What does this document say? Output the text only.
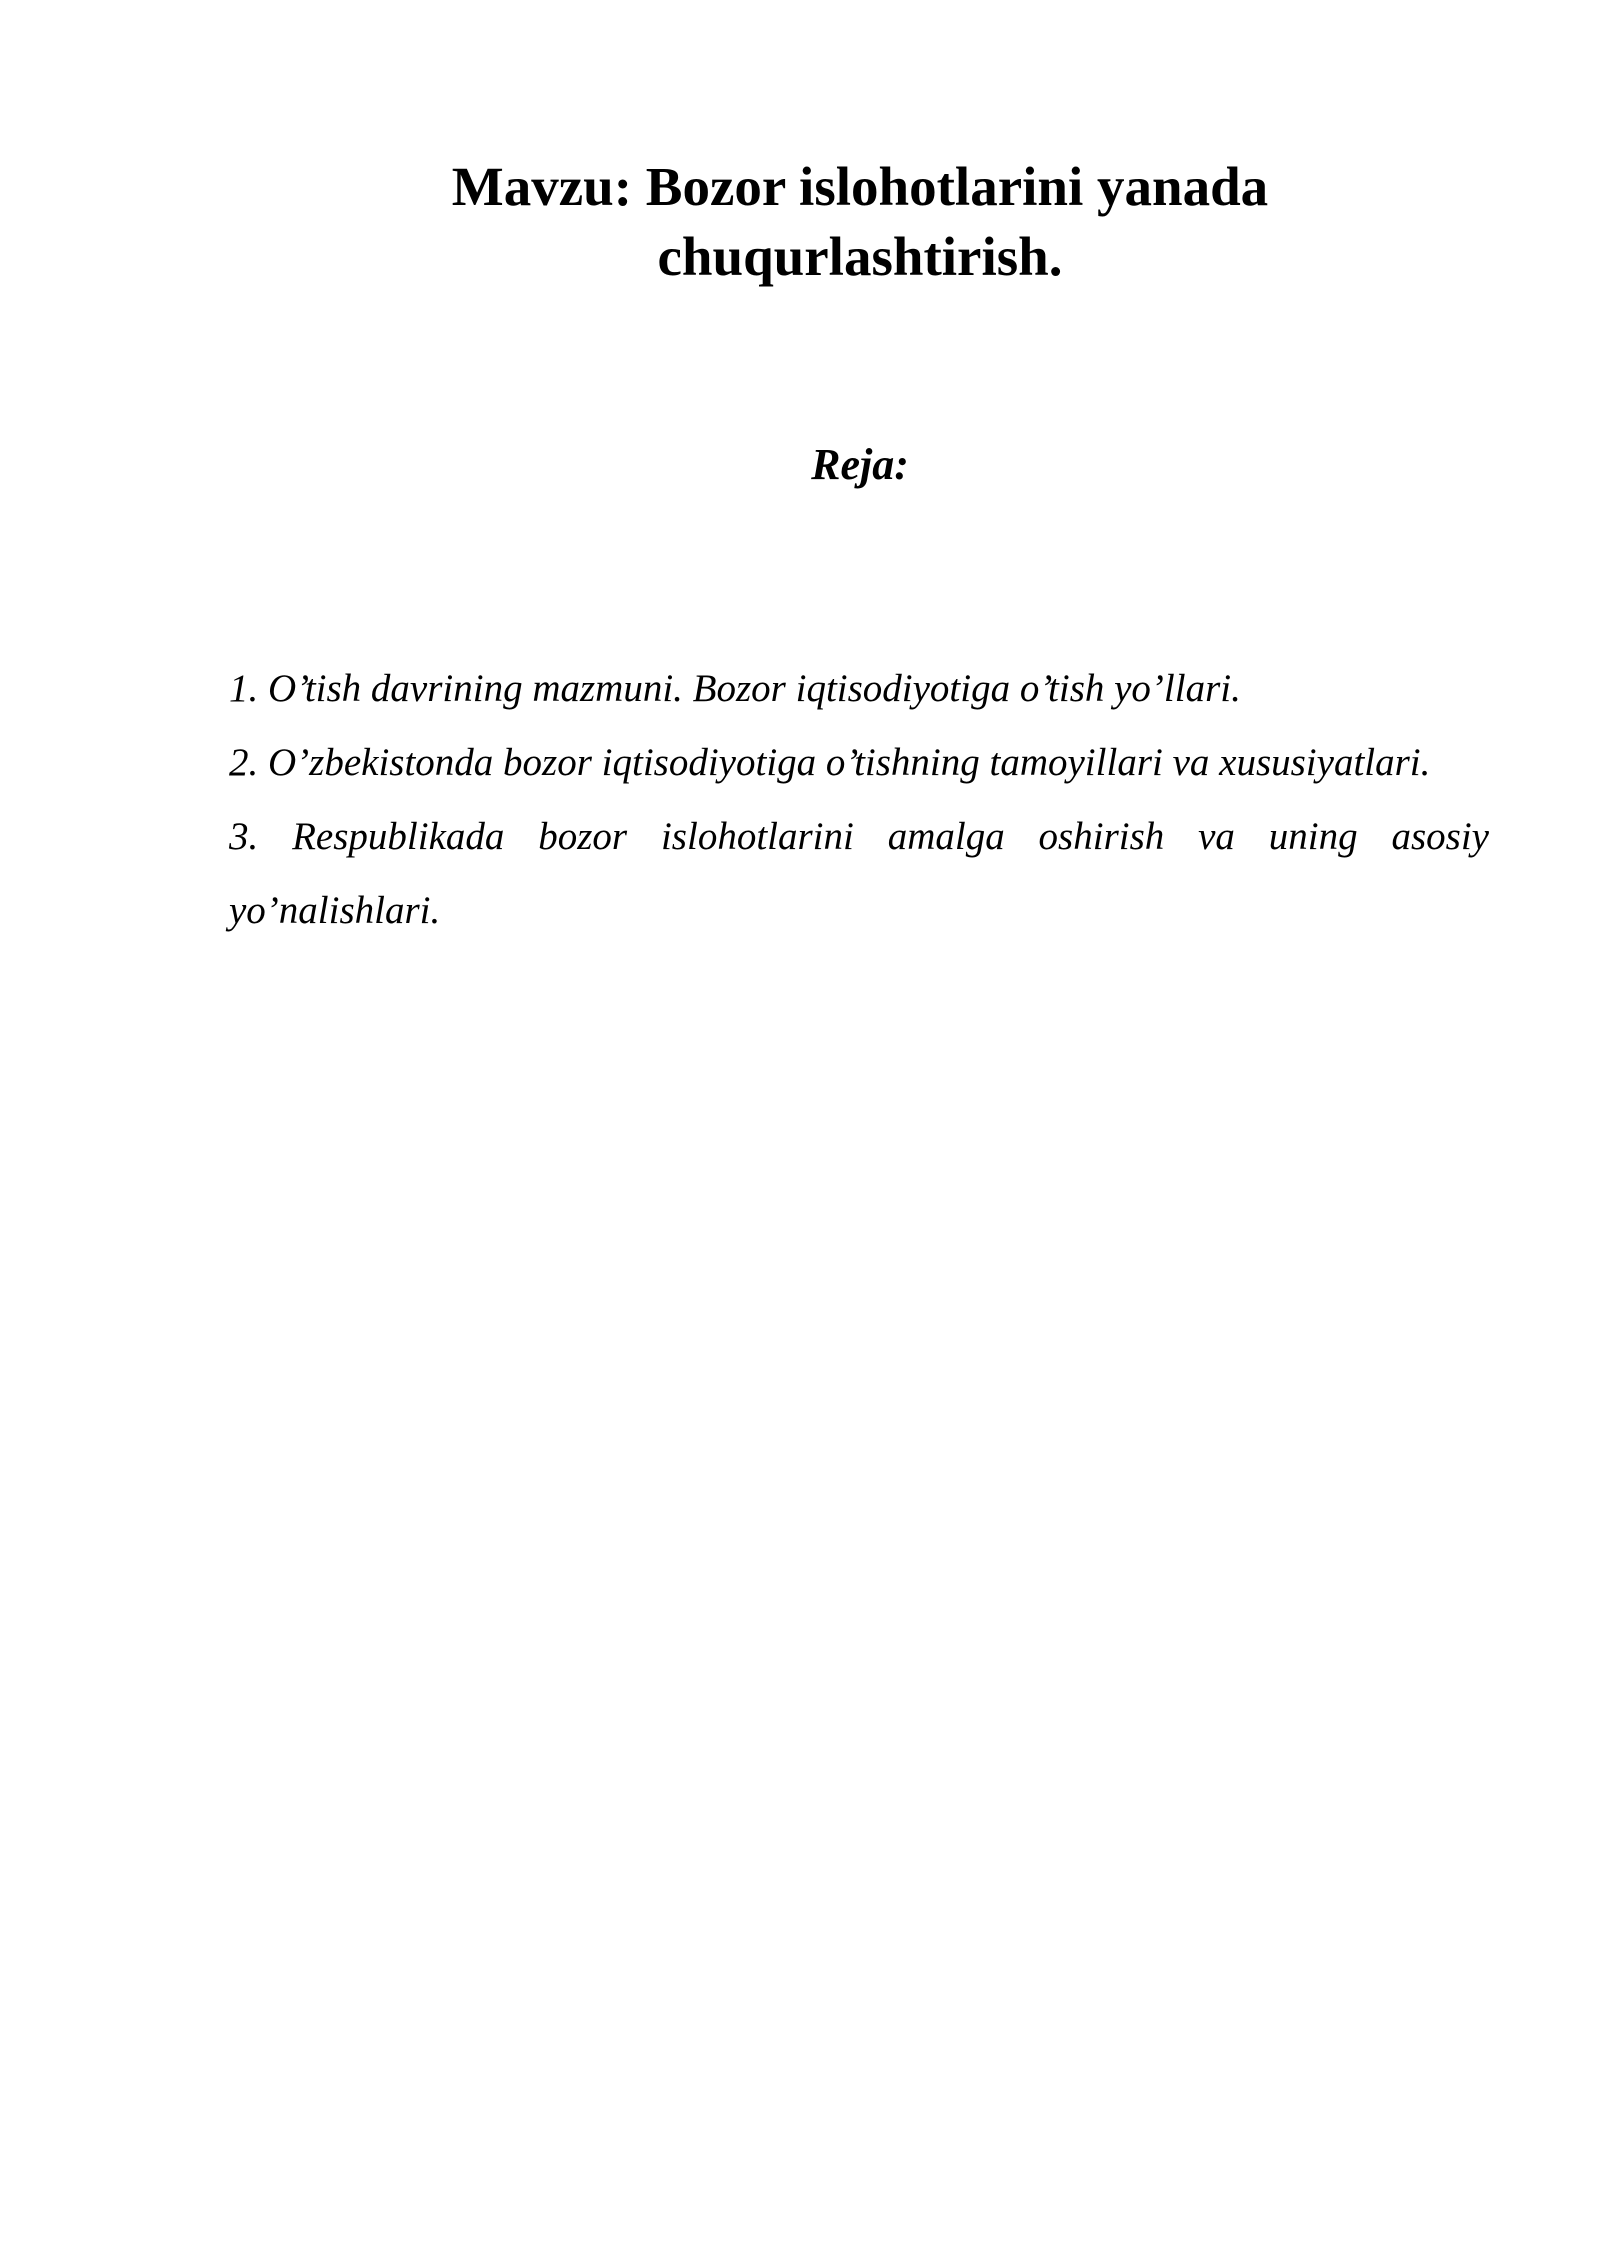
Mavzu: Bozor islohotlarini yanada
chuqurlashtirish.
Reja:
1. O’tish davrining mazmuni. Bozor iqtisodiyotiga o’tish yo’llari.
2. O’zbekistonda bozor iqtisodiyotiga o’tishning tamoyillari va xususiyatlari.
3. Respublikada bozor islohotlarini amalga oshirish va uning asosiy yo’nalishlari.
